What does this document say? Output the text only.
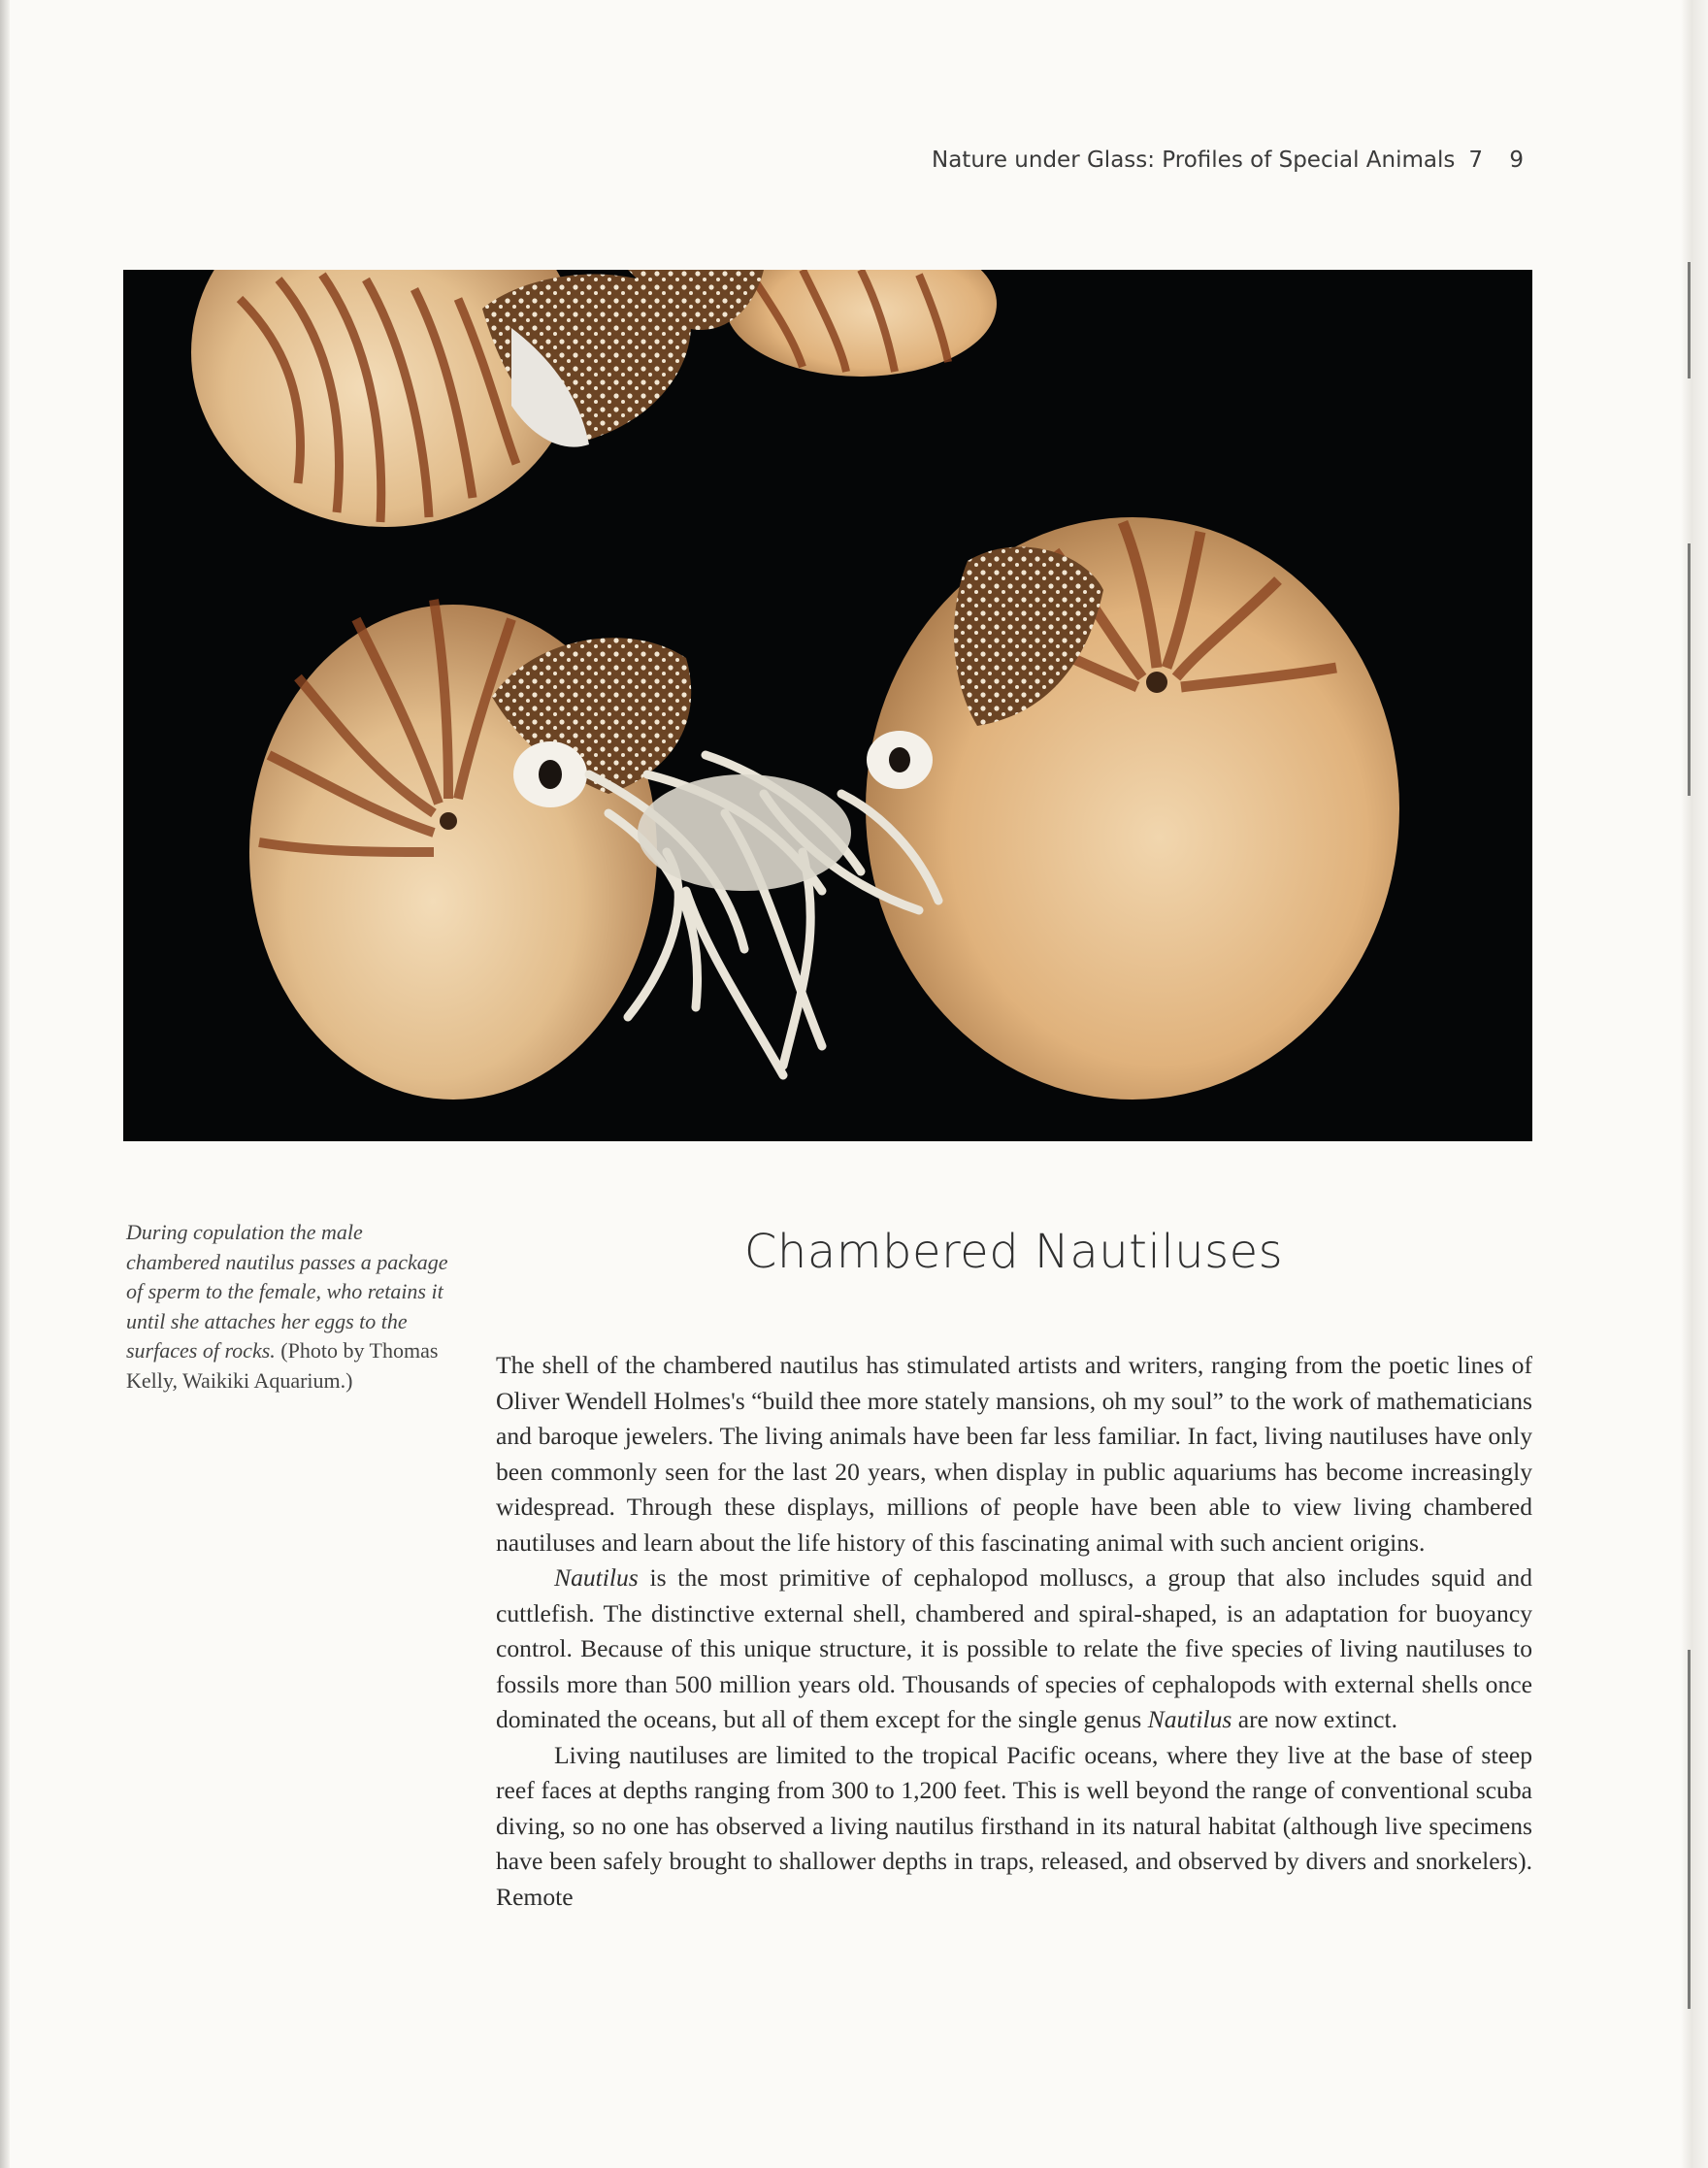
Nature under Glass: Profiles of Special Animals 7 9
During copulation the male chambered nautilus passes a package of sperm to the female, who retains it until she attaches her eggs to the surfaces of rocks. (Photo by Thomas Kelly, Waikiki Aquarium.)
Chambered Nautiluses

The shell of the chambered nautilus has stimulated artists and writers, ranging from the poetic lines of Oliver Wendell Holmes's “build thee more stately mansions, oh my soul” to the work of mathematicians and baroque jewelers. The living animals have been far less familiar. In fact, living nautiluses have only been commonly seen for the last 20 years, when display in public aquariums has become increasingly widespread. Through these displays, millions of people have been able to view living chambered nautiluses and learn about the life history of this fascinating animal with such ancient origins.

Nautilus is the most primitive of cephalopod molluscs, a group that also includes squid and cuttlefish. The distinctive external shell, chambered and spiral-shaped, is an adaptation for buoyancy control. Because of this unique structure, it is possible to relate the five species of living nautiluses to fossils more than 500 million years old. Thousands of species of cephalopods with external shells once dominated the oceans, but all of them except for the single genus Nautilus are now extinct.

Living nautiluses are limited to the tropical Pacific oceans, where they live at the base of steep reef faces at depths ranging from 300 to 1,200 feet. This is well beyond the range of conventional scuba diving, so no one has observed a living nautilus firsthand in its natural habitat (although live specimens have been safely brought to shallower depths in traps, released, and observed by divers and snorkelers). Remote
